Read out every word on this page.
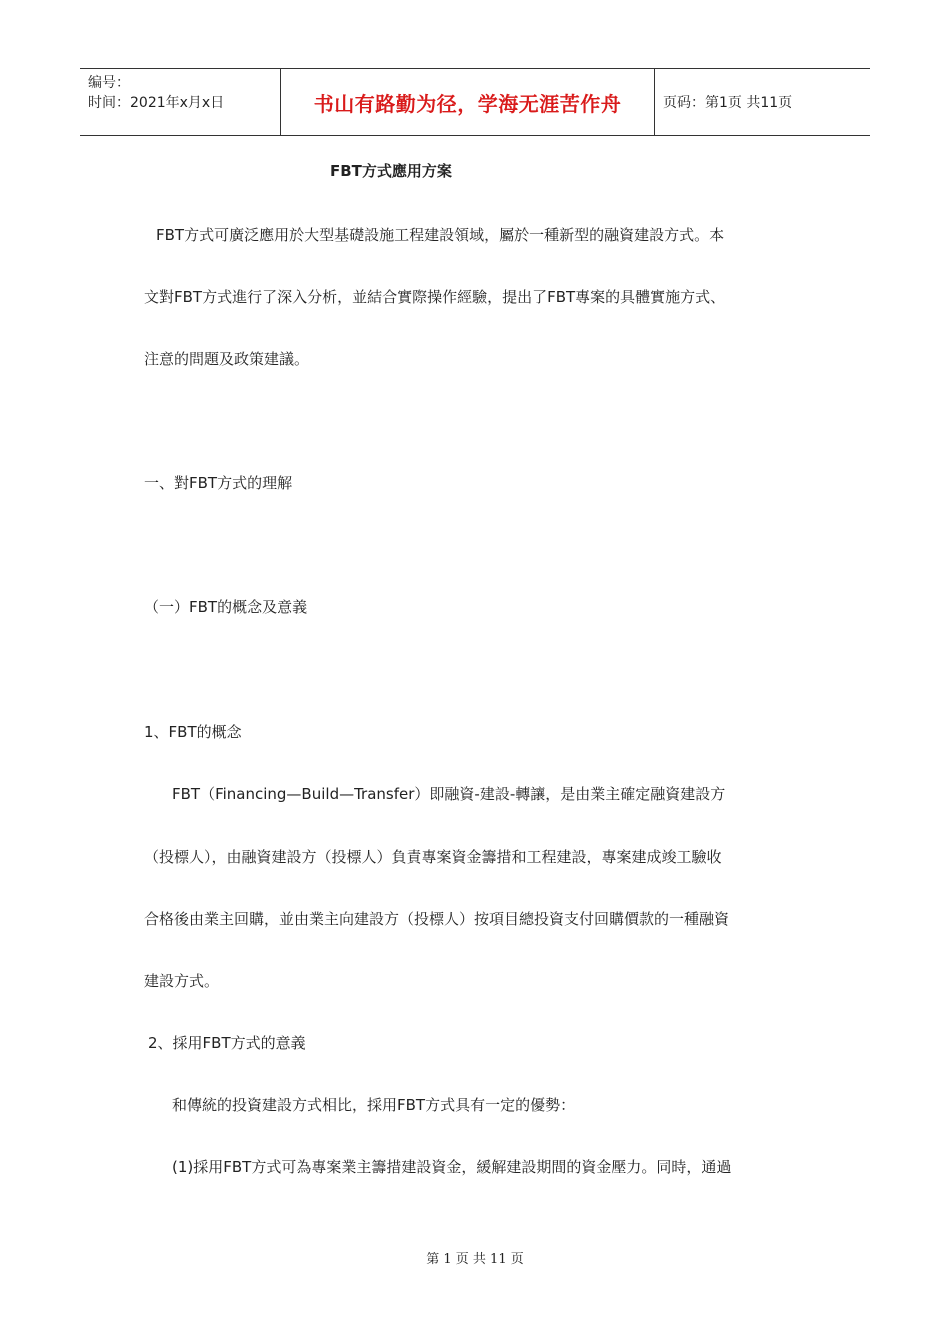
编号：
时间：2021年x月x日	书山有路勤为径，学海无涯苦作舟	页码：第1页 共11页
FBT方式應用方案
FBT方式可廣泛應用於大型基礎設施工程建設領域，屬於一種新型的融資建設方式。本
文對FBT方式進行了深入分析，並結合實際操作經驗，提出了FBT專案的具體實施方式、
注意的問題及政策建議。
一、對FBT方式的理解
（一）FBT的概念及意義
1、FBT的概念
FBT（Financing—Build—Transfer）即融資-建設-轉讓，是由業主確定融資建設方
（投標人），由融資建設方（投標人）負責專案資金籌措和工程建設，專案建成竣工驗收
合格後由業主回購，並由業主向建設方（投標人）按項目總投資支付回購價款的一種融資
建設方式。
2、採用FBT方式的意義
和傳統的投資建設方式相比，採用FBT方式具有一定的優勢：
(1)採用FBT方式可為專案業主籌措建設資金，緩解建設期間的資金壓力。同時，通過
第 1 页 共 11 页
